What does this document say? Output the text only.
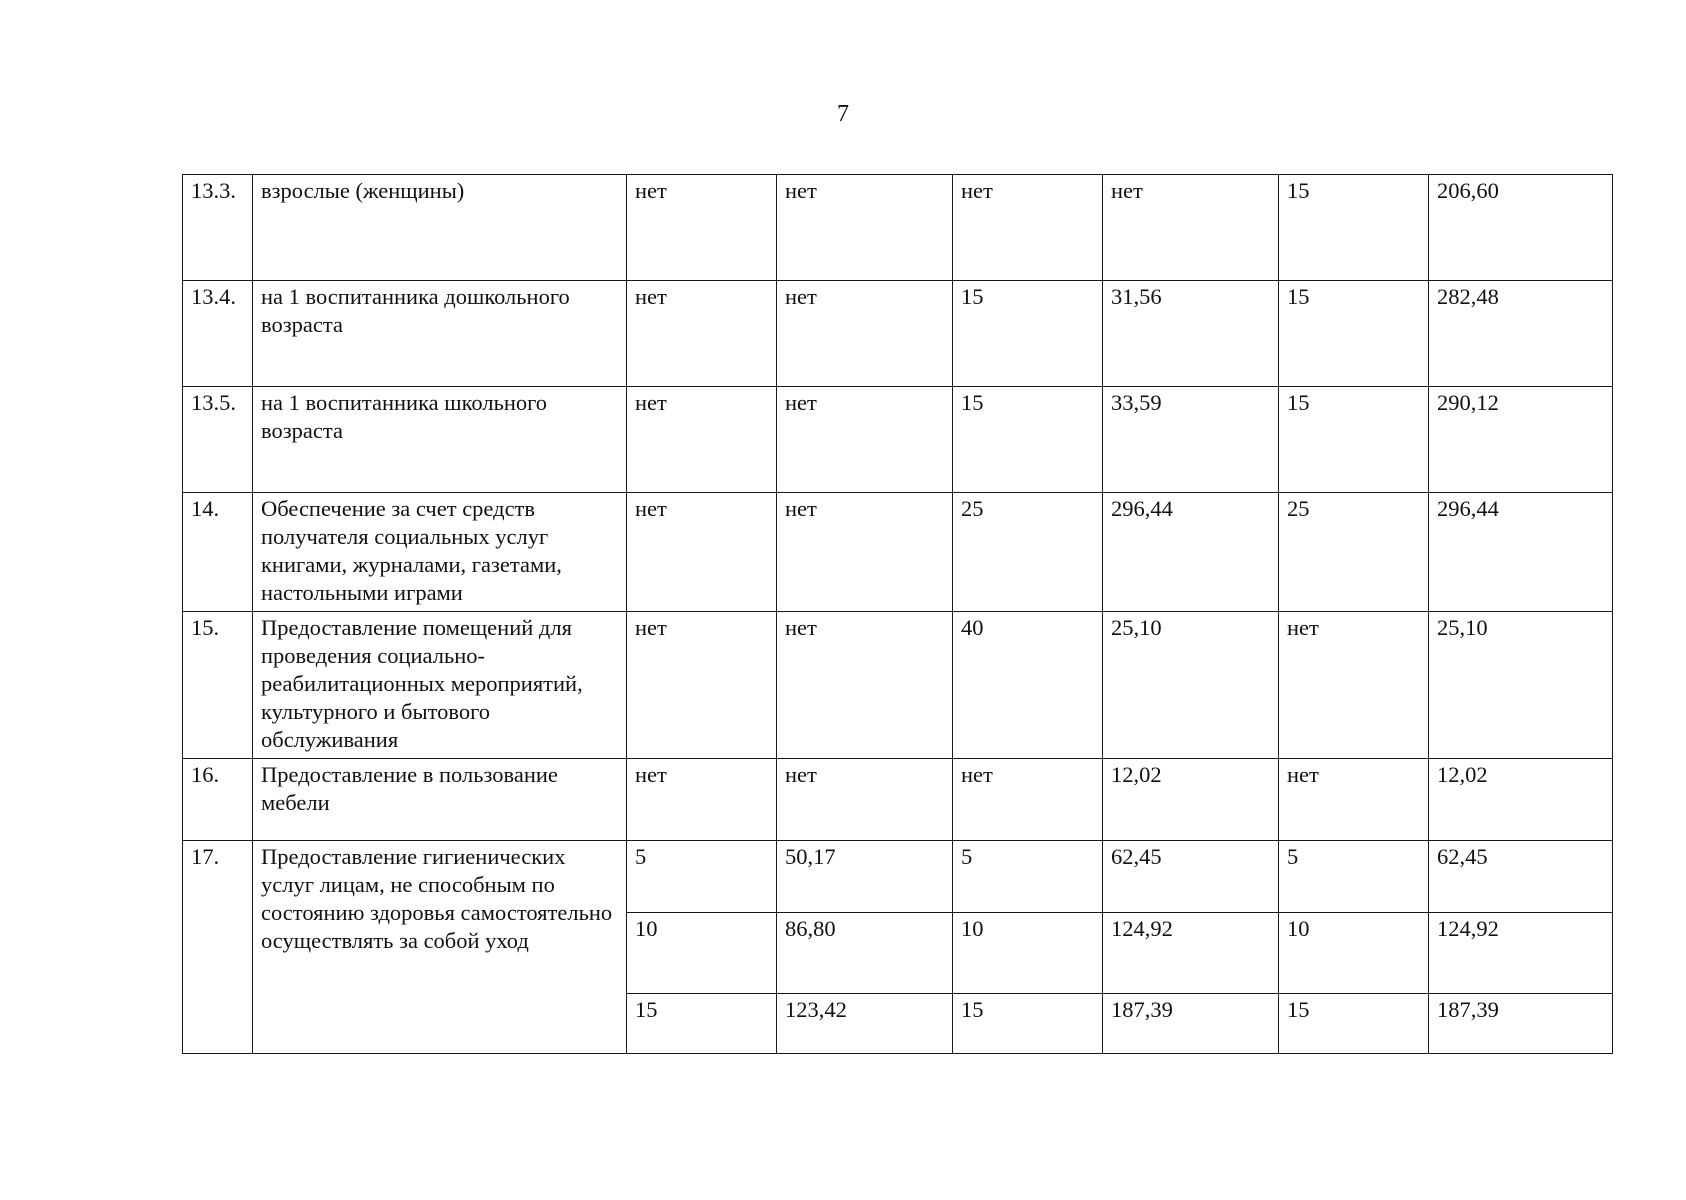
7
13.3.	взрослые (женщины)	нет	нет	нет	нет	15	206,60
13.4.	на 1 воспитанника дошкольного возраста	нет	нет	15	31,56	15	282,48
13.5.	на 1 воспитанника школьного возраста	нет	нет	15	33,59	15	290,12
14.	Обеспечение за счет средств получателя социальных услуг книгами, журналами, газетами, настольными играми	нет	нет	25	296,44	25	296,44
15.	Предоставление помещений для проведения социально-реабилитационных мероприятий, культурного и бытового обслуживания	нет	нет	40	25,10	нет	25,10
16.	Предоставление в пользование мебели	нет	нет	нет	12,02	нет	12,02
17.	Предоставление гигиенических услуг лицам, не способным по состоянию здоровья самостоятельно осуществлять за собой уход	5	50,17	5	62,45	5	62,45
		10	86,80	10	124,92	10	124,92
		15	123,42	15	187,39	15	187,39
